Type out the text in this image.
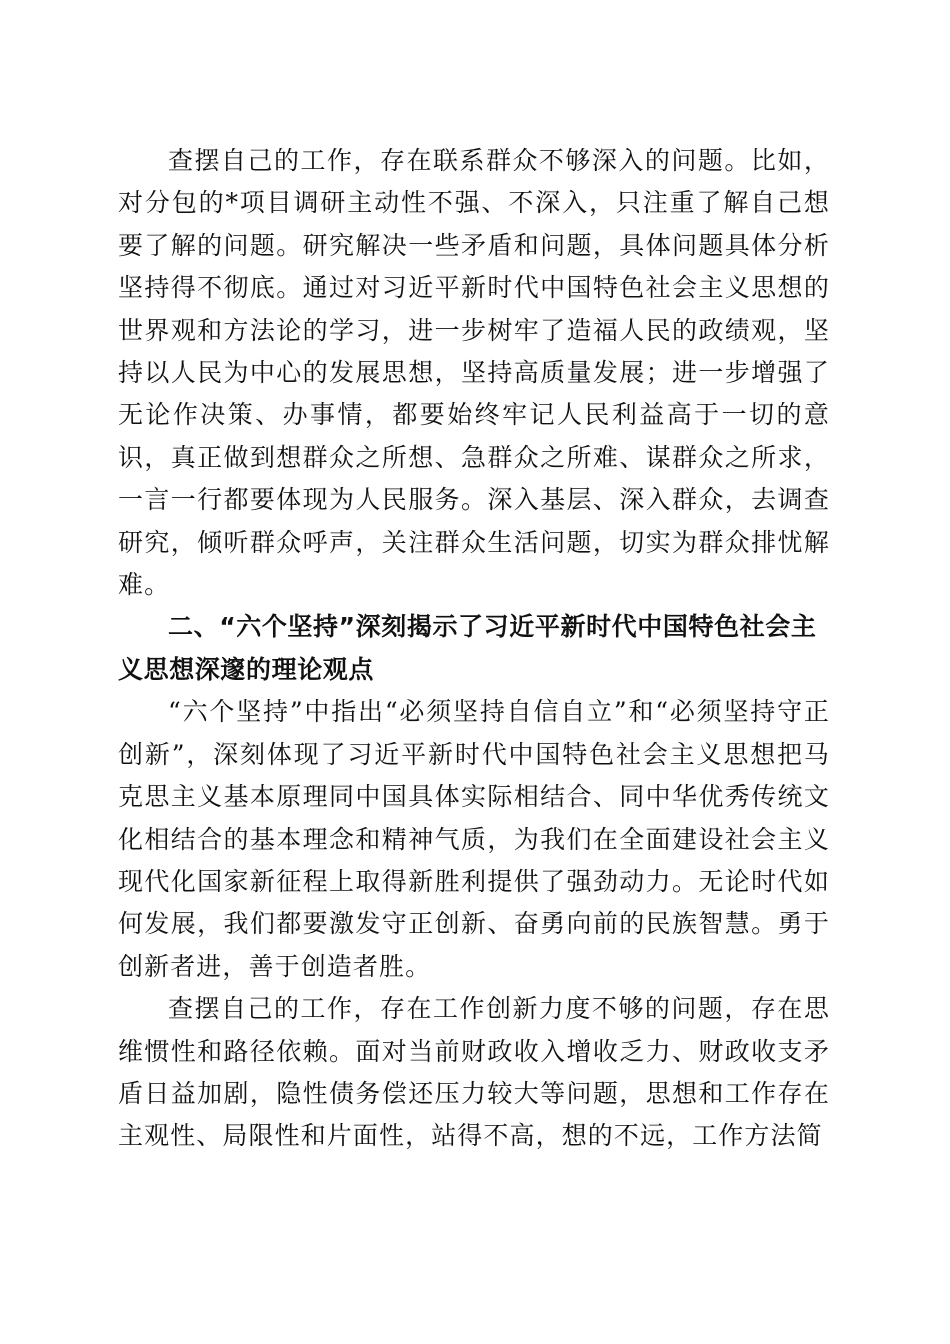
查摆自己的工作，存在联系群众不够深入的问题。比如，对分包的*项目调研主动性不强、不深入，只注重了解自己想要了解的问题。研究解决一些矛盾和问题，具体问题具体分析坚持得不彻底。通过对习近平新时代中国特色社会主义思想的世界观和方法论的学习，进一步树牢了造福人民的政绩观，坚持以人民为中心的发展思想，坚持高质量发展；进一步增强了无论作决策、办事情，都要始终牢记人民利益高于一切的意识，真正做到想群众之所想、急群众之所难、谋群众之所求，一言一行都要体现为人民服务。深入基层、深入群众，去调查研究，倾听群众呼声，关注群众生活问题，切实为群众排忧解难。

二、“六个坚持”深刻揭示了习近平新时代中国特色社会主义思想深邃的理论观点

“六个坚持”中指出“必须坚持自信自立”和“必须坚持守正创新”，深刻体现了习近平新时代中国特色社会主义思想把马克思主义基本原理同中国具体实际相结合、同中华优秀传统文化相结合的基本理念和精神气质，为我们在全面建设社会主义现代化国家新征程上取得新胜利提供了强劲动力。无论时代如何发展，我们都要激发守正创新、奋勇向前的民族智慧。勇于创新者进，善于创造者胜。

查摆自己的工作，存在工作创新力度不够的问题，存在思维惯性和路径依赖。面对当前财政收入增收乏力、财政收支矛盾日益加剧，隐性债务偿还压力较大等问题，思想和工作存在主观性、局限性和片面性，站得不高，想的不远，工作方法简
